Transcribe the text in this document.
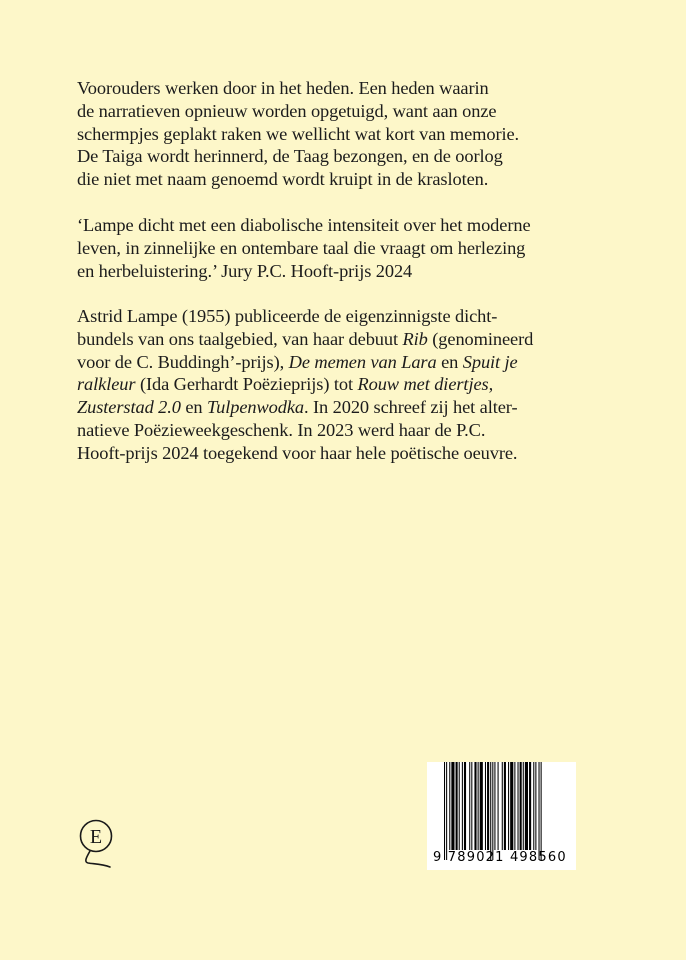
Voorouders werken door in het heden. Een heden waarin
de narratieven opnieuw worden opgetuigd, want aan onze
schermpjes geplakt raken we wellicht wat kort van memorie.
De Taiga wordt herinnerd, de Taag bezongen, en de oorlog
die niet met naam genoemd wordt kruipt in de krasloten.
‘Lampe dicht met een diabolische intensiteit over het moderne
leven, in zinnelijke en ontembare taal die vraagt om herlezing
en herbeluistering.’ Jury P.C. Hooft-prijs 2024
Astrid Lampe (1955) publiceerde de eigenzinnigste dicht-
bundels van ons taalgebied, van haar debuut Rib (genomineerd
voor de C. Buddingh’-prijs), De memen van Lara en Spuit je
ralkleur (Ida Gerhardt Poëzieprijs) tot Rouw met diertjes,
Zusterstad 2.0 en Tulpenwodka. In 2020 schreef zij het alter-
natieve Poëzieweekgeschenk. In 2023 werd haar de P.C.
Hooft-prijs 2024 toegekend voor haar hele poëtische oeuvre.
E
9 789021 498560
